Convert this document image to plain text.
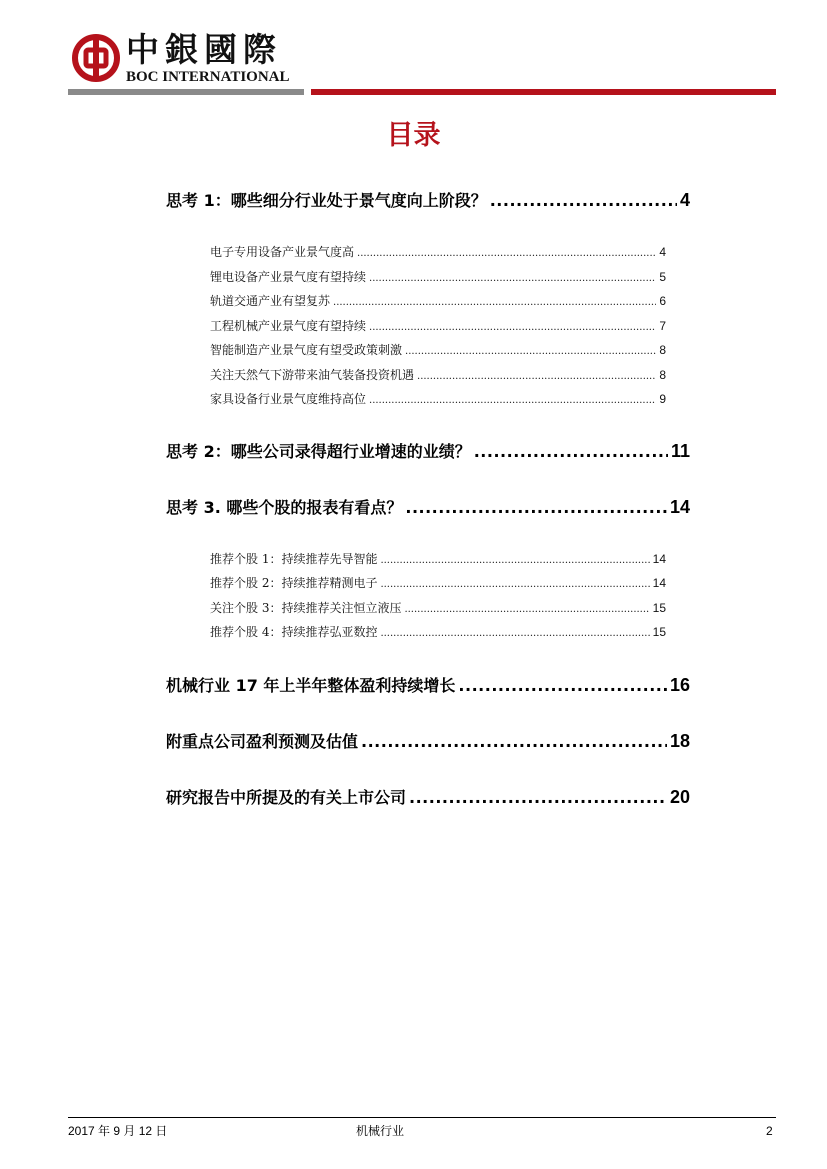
中銀國際
BOC INTERNATIONAL
目录
思考 1：哪些细分行业处于景气度向上阶段？ .....	4
电子专用设备产业景气度高 .....	4
锂电设备产业景气度有望持续 .....	5
轨道交通产业有望复苏 .....	6
工程机械产业景气度有望持续 .....	7
智能制造产业景气度有望受政策刺激 .....	8
关注天然气下游带来油气装备投资机遇 .....	8
家具设备行业景气度维持高位 .....	9
思考 2：哪些公司录得超行业增速的业绩？ .....	11
思考 3. 哪些个股的报表有看点？ .....	14
推荐个股 1：持续推荐先导智能 .....	14
推荐个股 2：持续推荐精测电子 .....	14
关注个股 3：持续推荐关注恒立液压 .....	15
推荐个股 4：持续推荐弘亚数控 .....	15
机械行业 17 年上半年整体盈利持续增长 .....	16
附重点公司盈利预测及估值 .....	18
研究报告中所提及的有关上市公司 .....	20
2017 年 9 月 12 日	机械行业	2
